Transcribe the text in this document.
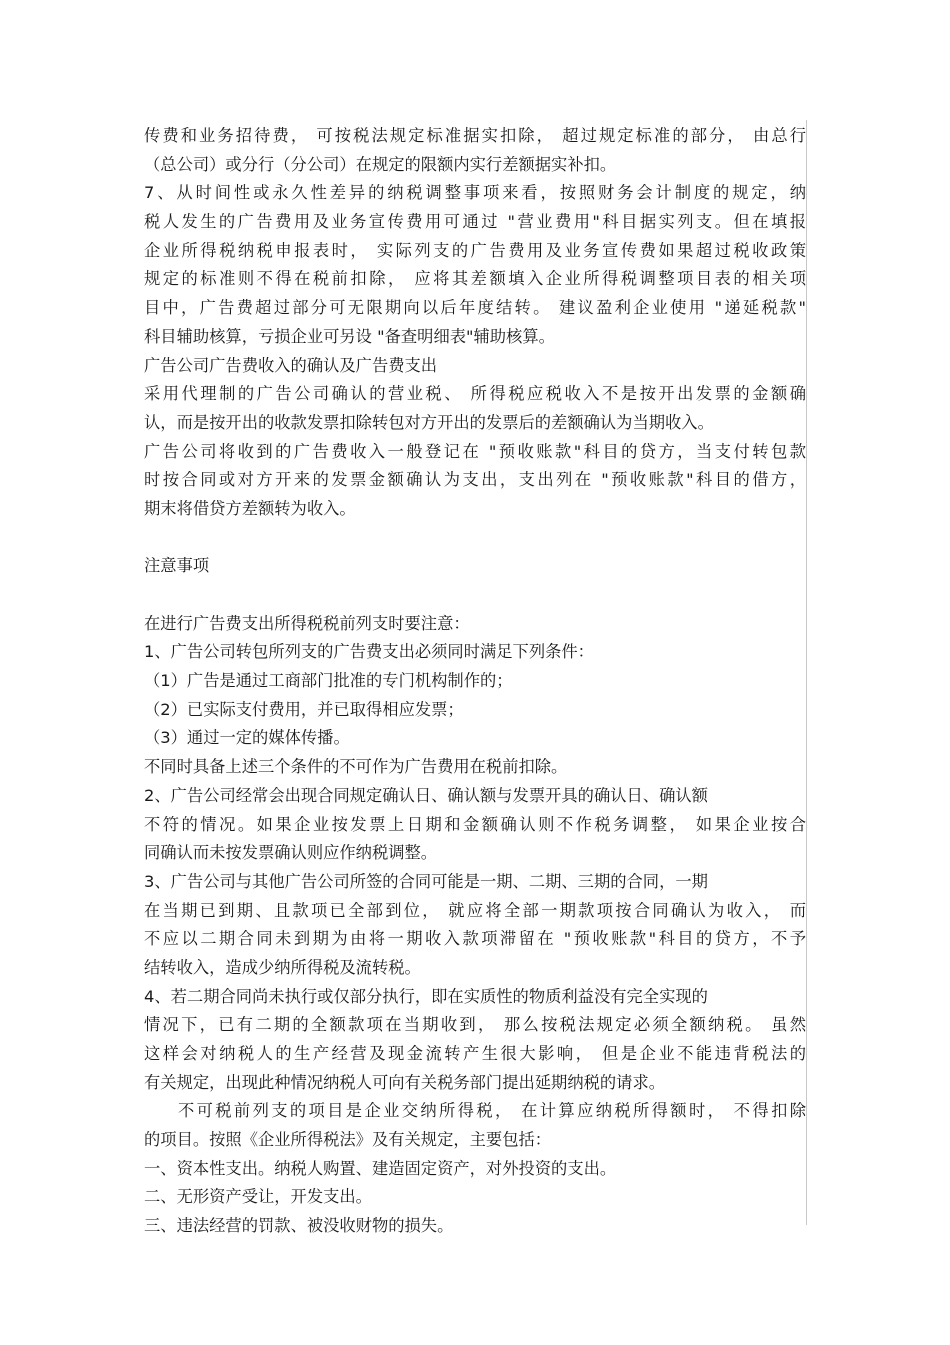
传费和业务招待费， 可按税法规定标准据实扣除， 超过规定标准的部分， 由总行
（总公司）或分行（分公司）在规定的限额内实行差额据实补扣。
7、从时间性或永久性差异的纳税调整事项来看，按照财务会计制度的规定，纳
税人发生的广告费用及业务宣传费用可通过 "营业费用"科目据实列支。但在填报
企业所得税纳税申报表时， 实际列支的广告费用及业务宣传费如果超过税收政策
规定的标准则不得在税前扣除， 应将其差额填入企业所得税调整项目表的相关项
目中，广告费超过部分可无限期向以后年度结转。 建议盈利企业使用 "递延税款"
科目辅助核算，亏损企业可另设 "备查明细表"辅助核算。
广告公司广告费收入的确认及广告费支出
采用代理制的广告公司确认的营业税、 所得税应税收入不是按开出发票的金额确
认，而是按开出的收款发票扣除转包对方开出的发票后的差额确认为当期收入。
广告公司将收到的广告费收入一般登记在 "预收账款"科目的贷方，当支付转包款
时按合同或对方开来的发票金额确认为支出，支出列在 "预收账款"科目的借方，
期末将借贷方差额转为收入。
注意事项
在进行广告费支出所得税税前列支时要注意：
1、广告公司转包所列支的广告费支出必须同时满足下列条件：
（1）广告是通过工商部门批准的专门机构制作的；
（2）已实际支付费用，并已取得相应发票；
（3）通过一定的媒体传播。
不同时具备上述三个条件的不可作为广告费用在税前扣除。
2、广告公司经常会出现合同规定确认日、确认额与发票开具的确认日、确认额
不符的情况。如果企业按发票上日期和金额确认则不作税务调整， 如果企业按合
同确认而未按发票确认则应作纳税调整。
3、广告公司与其他广告公司所签的合同可能是一期、二期、三期的合同，一期
在当期已到期、且款项已全部到位， 就应将全部一期款项按合同确认为收入， 而
不应以二期合同未到期为由将一期收入款项滞留在 "预收账款"科目的贷方，不予
结转收入，造成少纳所得税及流转税。
4、若二期合同尚未执行或仅部分执行，即在实质性的物质利益没有完全实现的
情况下，已有二期的全额款项在当期收到， 那么按税法规定必须全额纳税。 虽然
这样会对纳税人的生产经营及现金流转产生很大影响， 但是企业不能违背税法的
有关规定，出现此种情况纳税人可向有关税务部门提出延期纳税的请求。
不可税前列支的项目是企业交纳所得税， 在计算应纳税所得额时， 不得扣除
的项目。按照《企业所得税法》及有关规定，主要包括：
一、资本性支出。纳税人购置、建造固定资产，对外投资的支出。
二、无形资产受让，开发支出。
三、违法经营的罚款、被没收财物的损失。
